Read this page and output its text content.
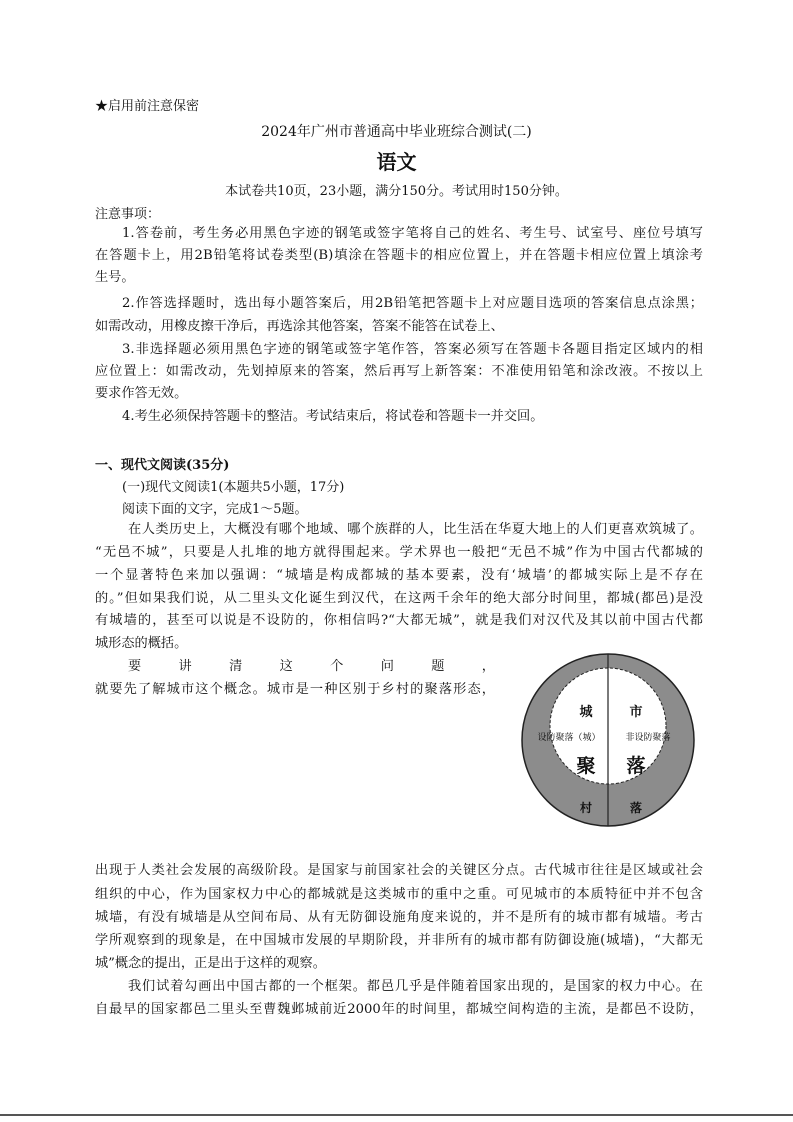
★启用前注意保密
2024年广州市普通高中毕业班综合测试(二)
语文
本试卷共10页，23小题，满分150分。考试用时150分钟。
注意事项：
1.答卷前，考生务必用黑色字迹的钢笔或签字笔将自己的姓名、考生号、试室号、座位号填写
在答题卡上，用2B铅笔将试卷类型(B)填涂在答题卡的相应位置上，并在答题卡相应位置上填涂考
生号。
2.作答选择题时，选出每小题答案后，用2B铅笔把答题卡上对应题目选项的答案信息点涂黑；
如需改动，用橡皮擦干净后，再选涂其他答案，答案不能答在试卷上、
3.非选择题必须用黑色字迹的钢笔或签字笔作答，答案必须写在答题卡各题目指定区域内的相
应位置上：如需改动，先划掉原来的答案，然后再写上新答案：不准使用铅笔和涂改液。不按以上
要求作答无效。
4.考生必须保持答题卡的整洁。考试结束后，将试卷和答题卡一并交回。
一、现代文阅读(35分)
(一)现代文阅读1(本题共5小题，17分)
阅读下面的文字，完成1～5题。
在人类历史上，大概没有哪个地域、哪个族群的人，比生活在华夏大地上的人们更喜欢筑城了。
“无邑不城”，只要是人扎堆的地方就得围起来。学术界也一般把“无邑不城”作为中国古代都城的
一个显著特色来加以强调：“城墙是构成都城的基本要素，没有‘城墙’的都城实际上是不存在
的。”但如果我们说，从二里头文化诞生到汉代，在这两千余年的绝大部分时间里，都城(都邑)是没
有城墙的，甚至可以说是不设防的，你相信吗?“大都无城”，就是我们对汉代及其以前中国古代都
城形态的概括。
要　　讲　　清　　这　　个　　问　　题　　，
就要先了解城市这个概念。城市是一种区别于乡村的聚落形态，
城	市
设防聚落（城）	非设防聚落
聚 落
村	落
出现于人类社会发展的高级阶段。是国家与前国家社会的关键区分点。古代城市往往是区域或社会
组织的中心，作为国家权力中心的都城就是这类城市的重中之重。可见城市的本质特征中并不包含
城墙，有没有城墙是从空间布局、从有无防御设施角度来说的，并不是所有的城市都有城墙。考古
学所观察到的现象是，在中国城市发展的早期阶段，并非所有的城市都有防御设施(城墙)，“大都无
城”概念的提出，正是出于这样的观察。
我们试着勾画出中国古都的一个框架。都邑几乎是伴随着国家出现的，是国家的权力中心。在
自最早的国家都邑二里头至曹魏邺城前近2000年的时间里，都城空间构造的主流，是都邑不设防，
